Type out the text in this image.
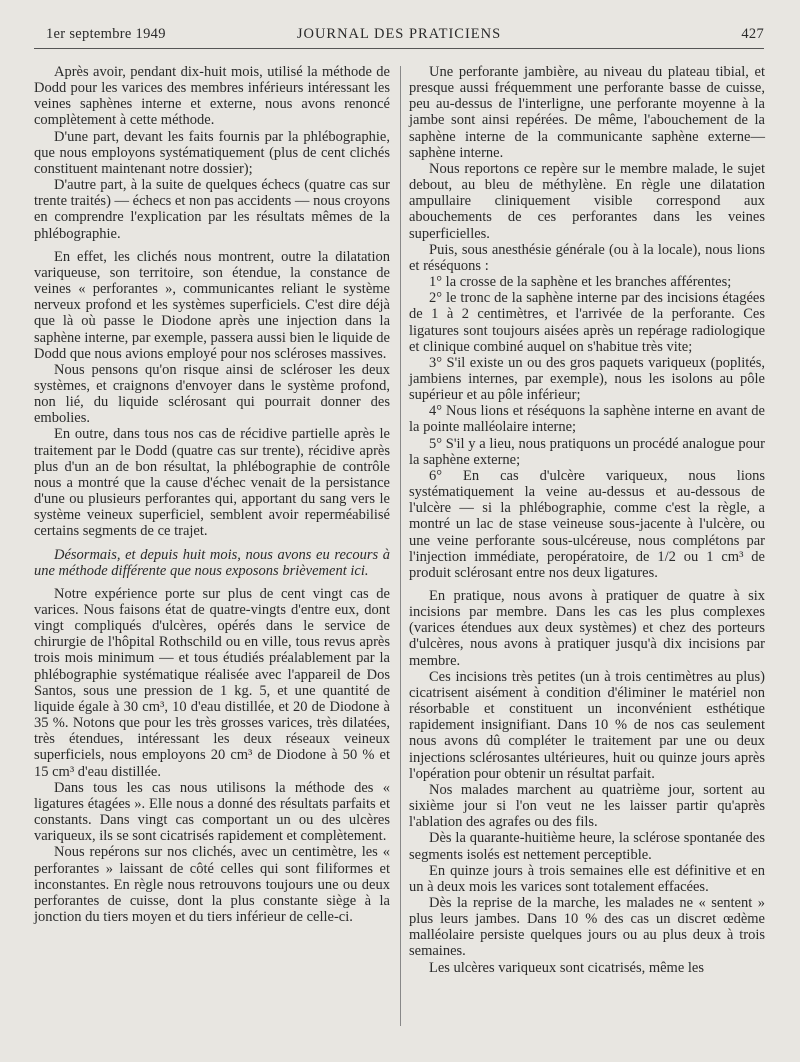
1er septembre 1949	JOURNAL DES PRATICIENS	427

Après avoir, pendant dix-huit mois, utilisé la méthode de Dodd pour les varices des membres inférieurs intéressant les veines saphènes interne et externe, nous avons renoncé complètement à cette méthode.

D'une part, devant les faits fournis par la phlébographie, que nous employons systématiquement (plus de cent clichés constituent maintenant notre dossier);

D'autre part, à la suite de quelques échecs (quatre cas sur trente traités) — échecs et non pas accidents — nous croyons en comprendre l'explication par les résultats mêmes de la phlébographie.

En effet, les clichés nous montrent, outre la dilatation variqueuse, son territoire, son étendue, la constance de veines « perforantes », communicantes reliant le système nerveux profond et les systèmes superficiels. C'est dire déjà que là où passe le Diodone après une injection dans la saphène interne, par exemple, passera aussi bien le liquide de Dodd que nous avions employé pour nos scléroses massives.

Nous pensons qu'on risque ainsi de scléroser les deux systèmes, et craignons d'envoyer dans le système profond, non lié, du liquide sclérosant qui pourrait donner des embolies.

En outre, dans tous nos cas de récidive partielle après le traitement par le Dodd (quatre cas sur trente), récidive après plus d'un an de bon résultat, la phlébographie de contrôle nous a montré que la cause d'échec venait de la persistance d'une ou plusieurs perforantes qui, apportant du sang vers le système veineux superficiel, semblent avoir reperméabilisé certains segments de ce trajet.

Désormais, et depuis huit mois, nous avons eu recours à une méthode différente que nous exposons brièvement ici.

Notre expérience porte sur plus de cent vingt cas de varices. Nous faisons état de quatre-vingts d'entre eux, dont vingt compliqués d'ulcères, opérés dans le service de chirurgie de l'hôpital Rothschild ou en ville, tous revus après trois mois minimum — et tous étudiés préalablement par la phlébographie systématique réalisée avec l'appareil de Dos Santos, sous une pression de 1 kg. 5, et une quantité de liquide égale à 30 cm³, 10 d'eau distillée, et 20 de Diodone à 35 %. Notons que pour les très grosses varices, très dilatées, très étendues, intéressant les deux réseaux veineux superficiels, nous employons 20 cm³ de Diodone à 50 % et 15 cm³ d'eau distillée.

Dans tous les cas nous utilisons la méthode des « ligatures étagées ». Elle nous a donné des résultats parfaits et constants. Dans vingt cas comportant un ou des ulcères variqueux, ils se sont cicatrisés rapidement et complètement.

Nous repérons sur nos clichés, avec un centimètre, les « perforantes » laissant de côté celles qui sont filiformes et inconstantes. En règle nous retrouvons toujours une ou deux perforantes de cuisse, dont la plus constante siège à la jonction du tiers moyen et du tiers inférieur de celle-ci.

Une perforante jambière, au niveau du plateau tibial, et presque aussi fréquemment une perforante basse de cuisse, peu au-dessus de l'interligne, une perforante moyenne à la jambe sont ainsi repérées. De même, l'abouchement de la saphène interne de la communicante saphène externe—saphène interne.

Nous reportons ce repère sur le membre malade, le sujet debout, au bleu de méthylène. En règle une dilatation ampullaire cliniquement visible correspond aux abouchements de ces perforantes dans les veines superficielles.

Puis, sous anesthésie générale (ou à la locale), nous lions et réséquons :

1° la crosse de la saphène et les branches afférentes;

2° le tronc de la saphène interne par des incisions étagées de 1 à 2 centimètres, et l'arrivée de la perforante. Ces ligatures sont toujours aisées après un repérage radiologique et clinique combiné auquel on s'habitue très vite;

3° S'il existe un ou des gros paquets variqueux (poplités, jambiens internes, par exemple), nous les isolons au pôle supérieur et au pôle inférieur;

4° Nous lions et réséquons la saphène interne en avant de la pointe malléolaire interne;

5° S'il y a lieu, nous pratiquons un procédé analogue pour la saphène externe;

6° En cas d'ulcère variqueux, nous lions systématiquement la veine au-dessus et au-dessous de l'ulcère — si la phlébographie, comme c'est la règle, a montré un lac de stase veineuse sous-jacente à l'ulcère, ou une veine perforante sous-ulcéreuse, nous complétons par l'injection immédiate, peropératoire, de 1/2 ou 1 cm³ de produit sclérosant entre nos deux ligatures.

En pratique, nous avons à pratiquer de quatre à six incisions par membre. Dans les cas les plus complexes (varices étendues aux deux systèmes) et chez des porteurs d'ulcères, nous avons à pratiquer jusqu'à dix incisions par membre.

Ces incisions très petites (un à trois centimètres au plus) cicatrisent aisément à condition d'éliminer le matériel non résorbable et constituent un inconvénient esthétique rapidement insignifiant. Dans 10 % de nos cas seulement nous avons dû compléter le traitement par une ou deux injections sclérosantes ultérieures, huit ou quinze jours après l'opération pour obtenir un résultat parfait.

Nos malades marchent au quatrième jour, sortent au sixième jour si l'on veut ne les laisser partir qu'après l'ablation des agrafes ou des fils.

Dès la quarante-huitième heure, la sclérose spontanée des segments isolés est nettement perceptible.

En quinze jours à trois semaines elle est définitive et en un à deux mois les varices sont totalement effacées.

Dès la reprise de la marche, les malades ne « sentent » plus leurs jambes. Dans 10 % des cas un discret œdème malléolaire persiste quelques jours ou au plus deux à trois semaines.

Les ulcères variqueux sont cicatrisés, même les
